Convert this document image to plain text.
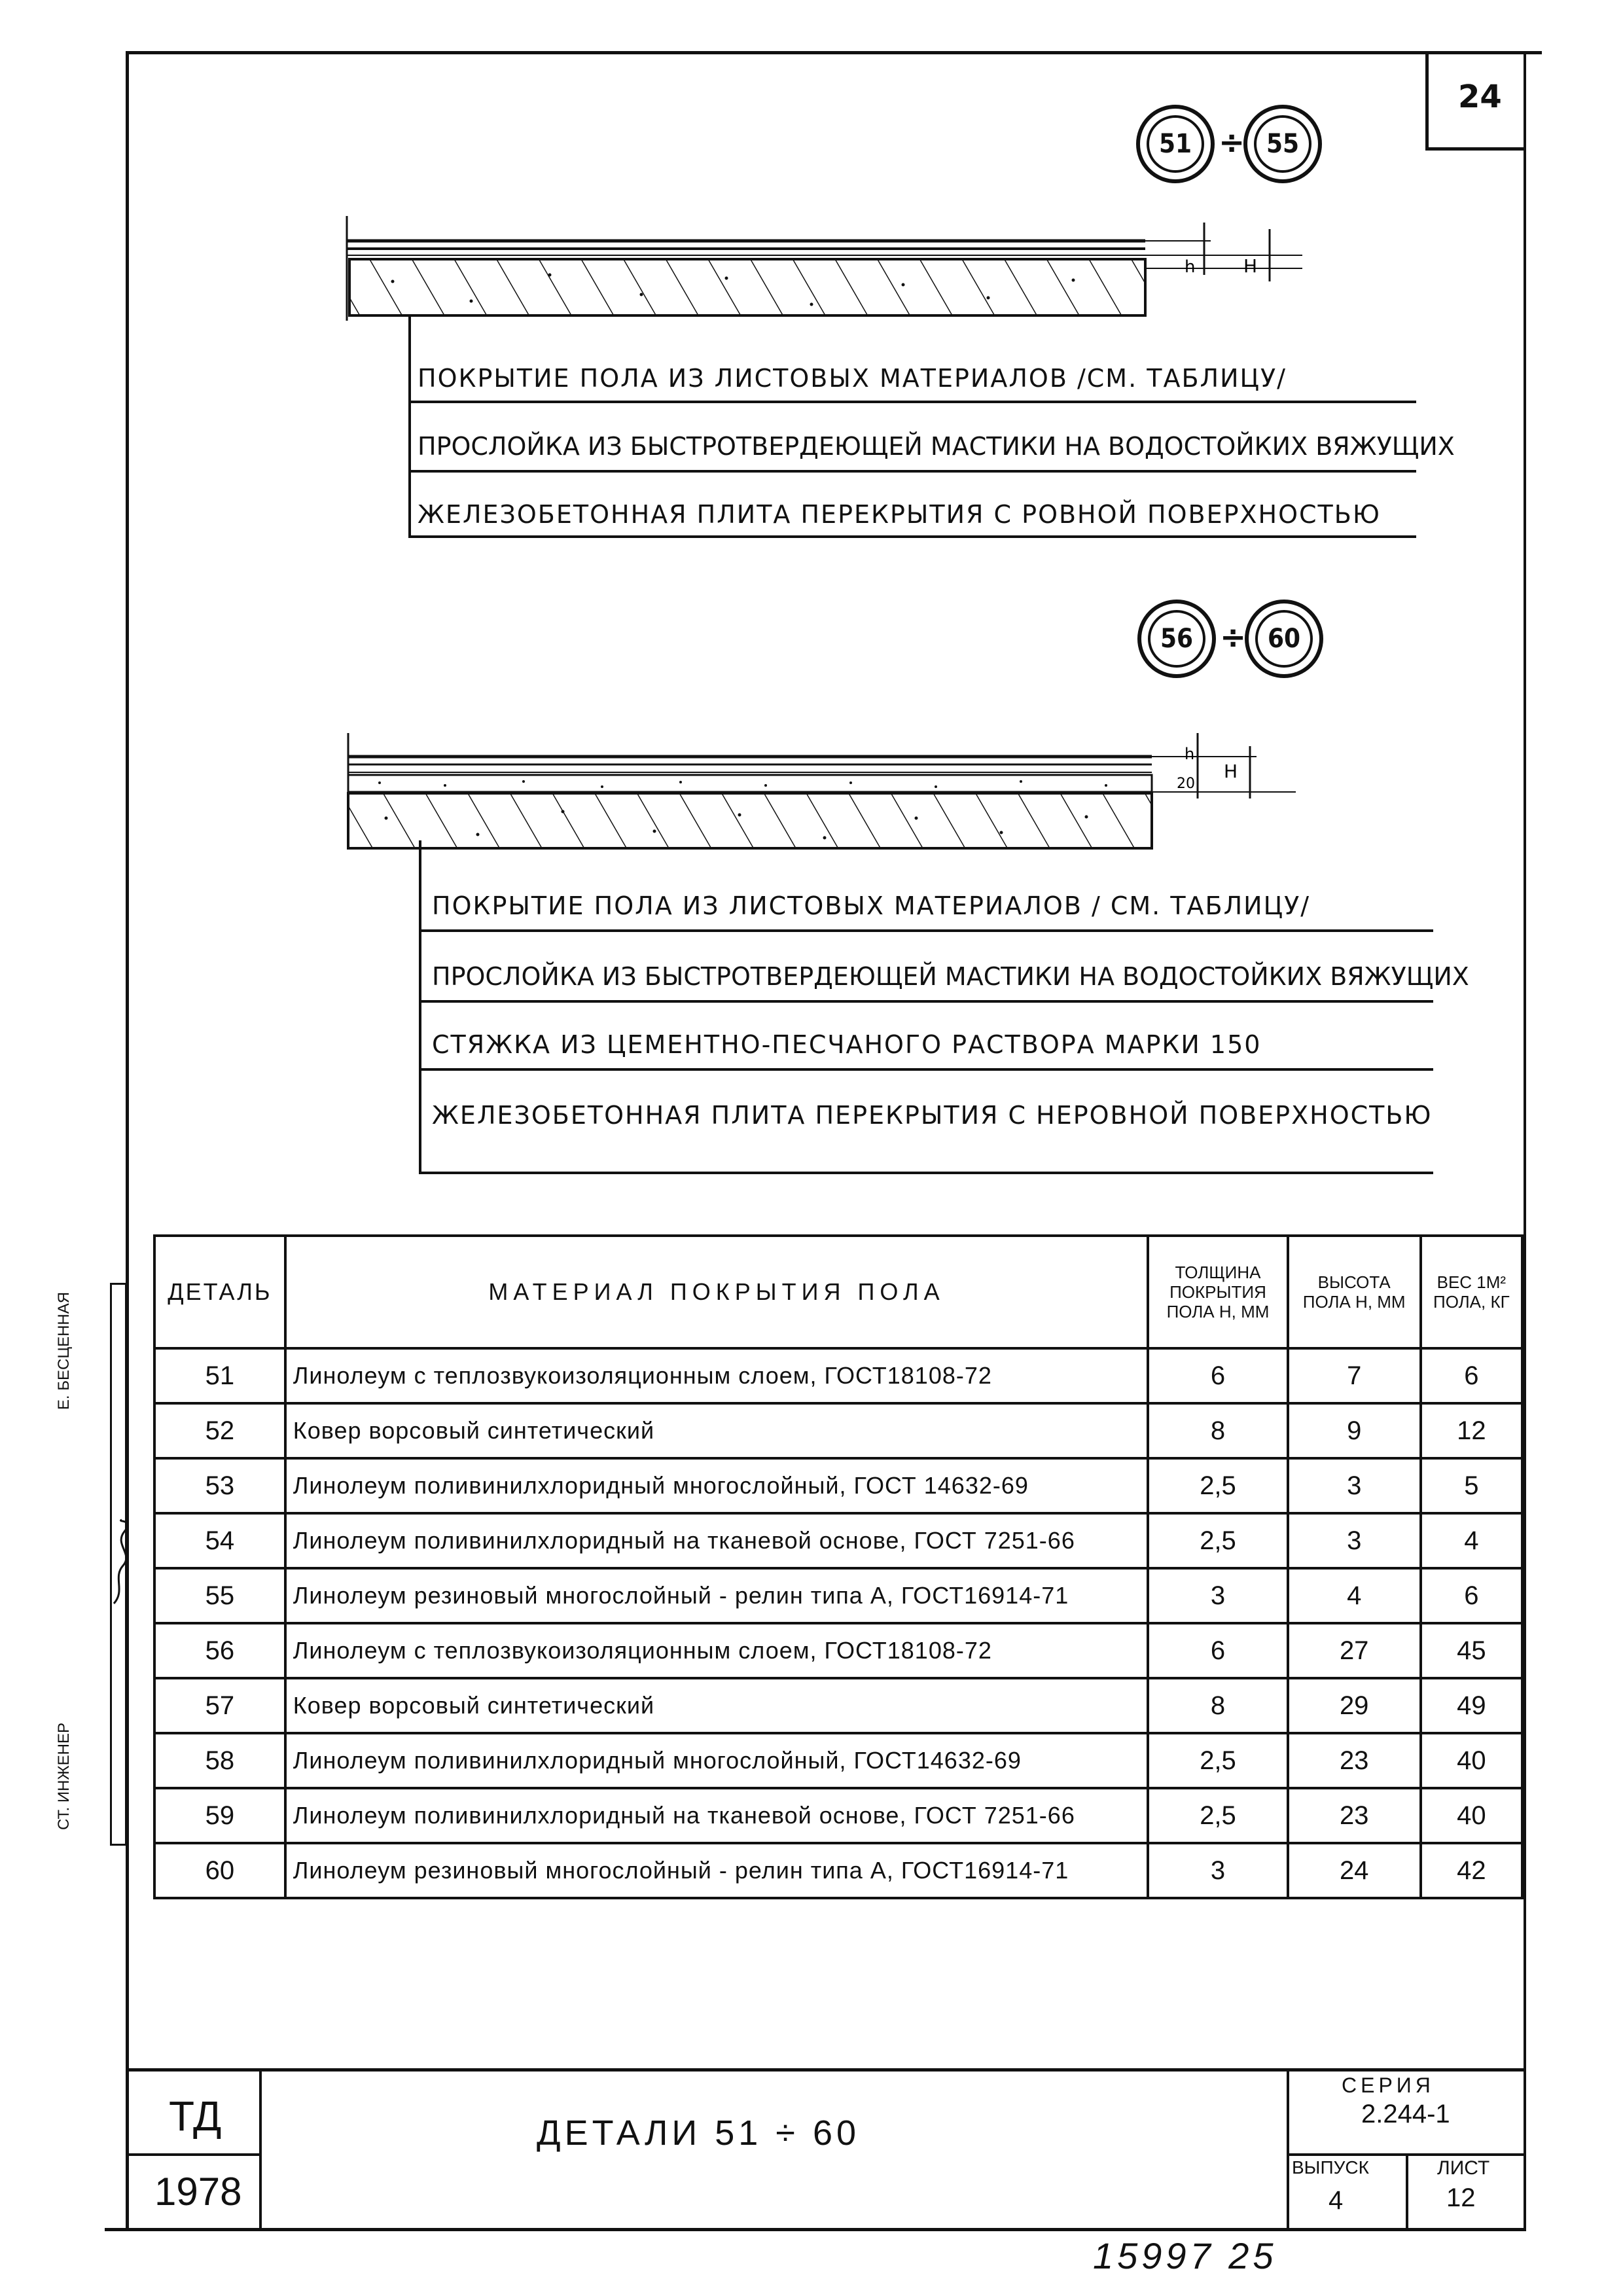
24
51 ÷ 55
h	H
ПОКРЫТИЕ ПОЛА ИЗ ЛИСТОВЫХ МАТЕРИАЛОВ /СМ. ТАБЛИЦУ/
ПРОСЛОЙКА ИЗ БЫСТРОТВЕРДЕЮЩЕЙ МАСТИКИ НА ВОДОСТОЙКИХ ВЯЖУЩИХ
ЖЕЛЕЗОБЕТОННАЯ ПЛИТА ПЕРЕКРЫТИЯ С РОВНОЙ ПОВЕРХНОСТЬЮ
56 ÷ 60
h
20
H
ПОКРЫТИЕ ПОЛА ИЗ ЛИСТОВЫХ МАТЕРИАЛОВ / СМ. ТАБЛИЦУ/
ПРОСЛОЙКА ИЗ БЫСТРОТВЕРДЕЮЩЕЙ МАСТИКИ НА ВОДОСТОЙКИХ ВЯЖУЩИХ
СТЯЖКА ИЗ ЦЕМЕНТНО-ПЕСЧАНОГО РАСТВОРА МАРКИ 150
ЖЕЛЕЗОБЕТОННАЯ ПЛИТА ПЕРЕКРЫТИЯ С НЕРОВНОЙ ПОВЕРХНОСТЬЮ
ДЕТАЛЬ	МАТЕРИАЛ ПОКРЫТИЯ ПОЛА	ТОЛЩИНА ПОКРЫТИЯ ПОЛА H, ММ	ВЫСОТА ПОЛА Н, ММ	ВЕС 1М² ПОЛА, КГ
51	Линолеум с теплозвукоизоляционным слоем, ГОСТ18108-72	6	7	6
52	Ковер ворсовый синтетический	8	9	12
53	Линолеум поливинилхлоридный многослойный, ГОСТ 14632-69	2,5	3	5
54	Линолеум поливинилхлоридный на тканевой основе, ГОСТ 7251-66	2,5	3	4
55	Линолеум резиновый многослойный - релин типа А, ГОСТ16914-71	3	4	6
56	Линолеум с теплозвукоизоляционным слоем, ГОСТ18108-72	6	27	45
57	Ковер ворсовый синтетический	8	29	49
58	Линолеум поливинилхлоридный многослойный, ГОСТ14632-69	2,5	23	40
59	Линолеум поливинилхлоридный на тканевой основе, ГОСТ 7251-66	2,5	23	40
60	Линолеум резиновый многослойный - релин типа А, ГОСТ16914-71	3	24	42
СТ. ИНЖЕНЕР
Е. БЕСЦЕННАЯ
ТД
1978
ДЕТАЛИ 51 ÷ 60
СЕРИЯ
2.244-1
ВЫПУСК
4
ЛИСТ
12
15997 25
